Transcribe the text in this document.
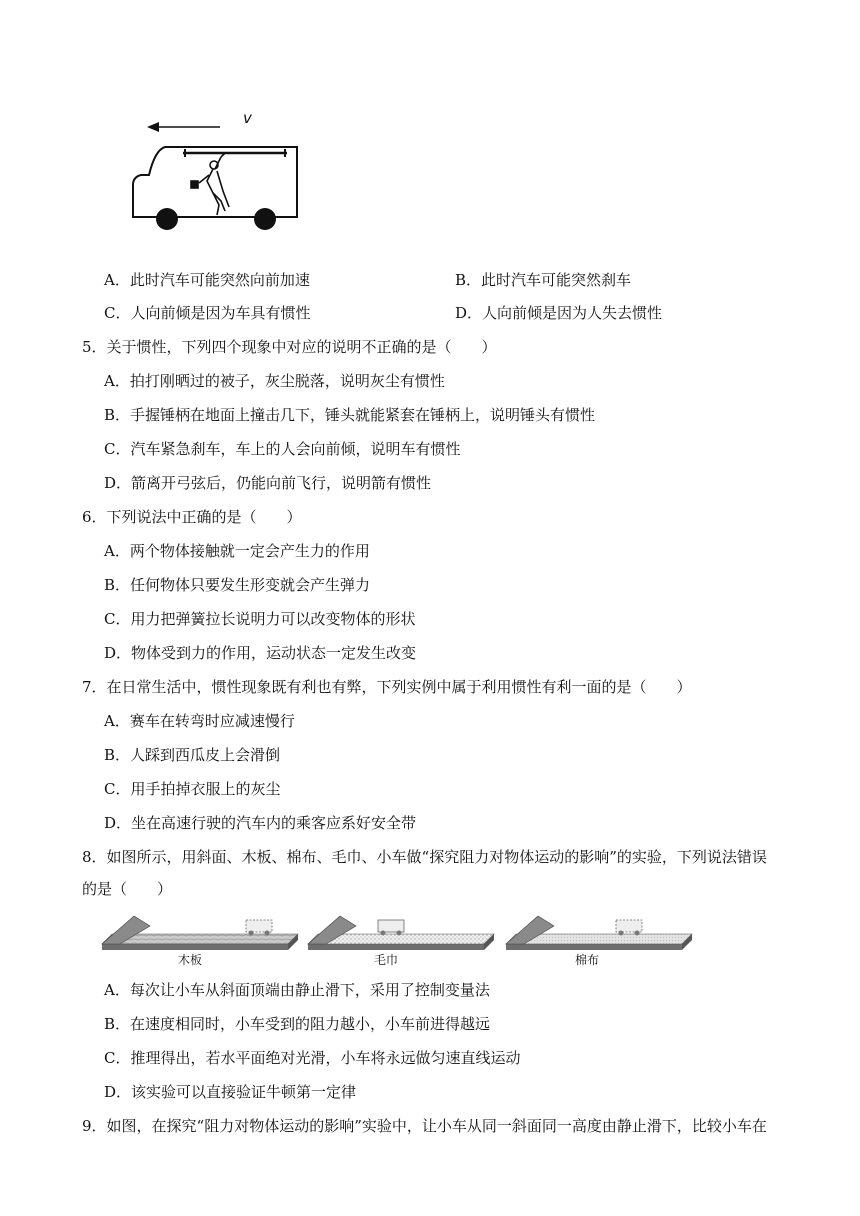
v
A．此时汽车可能突然向前加速	B．此时汽车可能突然刹车
C．人向前倾是因为车具有惯性	D．人向前倾是因为人失去惯性
5．关于惯性，下列四个现象中对应的说明不正确的是（　　）
A．拍打刚晒过的被子，灰尘脱落，说明灰尘有惯性
B．手握锤柄在地面上撞击几下，锤头就能紧套在锤柄上，说明锤头有惯性
C．汽车紧急刹车，车上的人会向前倾，说明车有惯性
D．箭离开弓弦后，仍能向前飞行，说明箭有惯性
6．下列说法中正确的是（　　）
A．两个物体接触就一定会产生力的作用
B．任何物体只要发生形变就会产生弹力
C．用力把弹簧拉长说明力可以改变物体的形状
D．物体受到力的作用，运动状态一定发生改变
7．在日常生活中，惯性现象既有利也有弊，下列实例中属于利用惯性有利一面的是（　　）
A．赛车在转弯时应减速慢行
B．人踩到西瓜皮上会滑倒
C．用手拍掉衣服上的灰尘
D．坐在高速行驶的汽车内的乘客应系好安全带
8．如图所示，用斜面、木板、棉布、毛巾、小车做“探究阻力对物体运动的影响”的实验，下列说法错误
的是（　　）
木板	毛巾	棉布
A．每次让小车从斜面顶端由静止滑下，采用了控制变量法
B．在速度相同时，小车受到的阻力越小，小车前进得越远
C．推理得出，若水平面绝对光滑，小车将永远做匀速直线运动
D．该实验可以直接验证牛顿第一定律
9．如图，在探究“阻力对物体运动的影响”实验中，让小车从同一斜面同一高度由静止滑下，比较小车在
